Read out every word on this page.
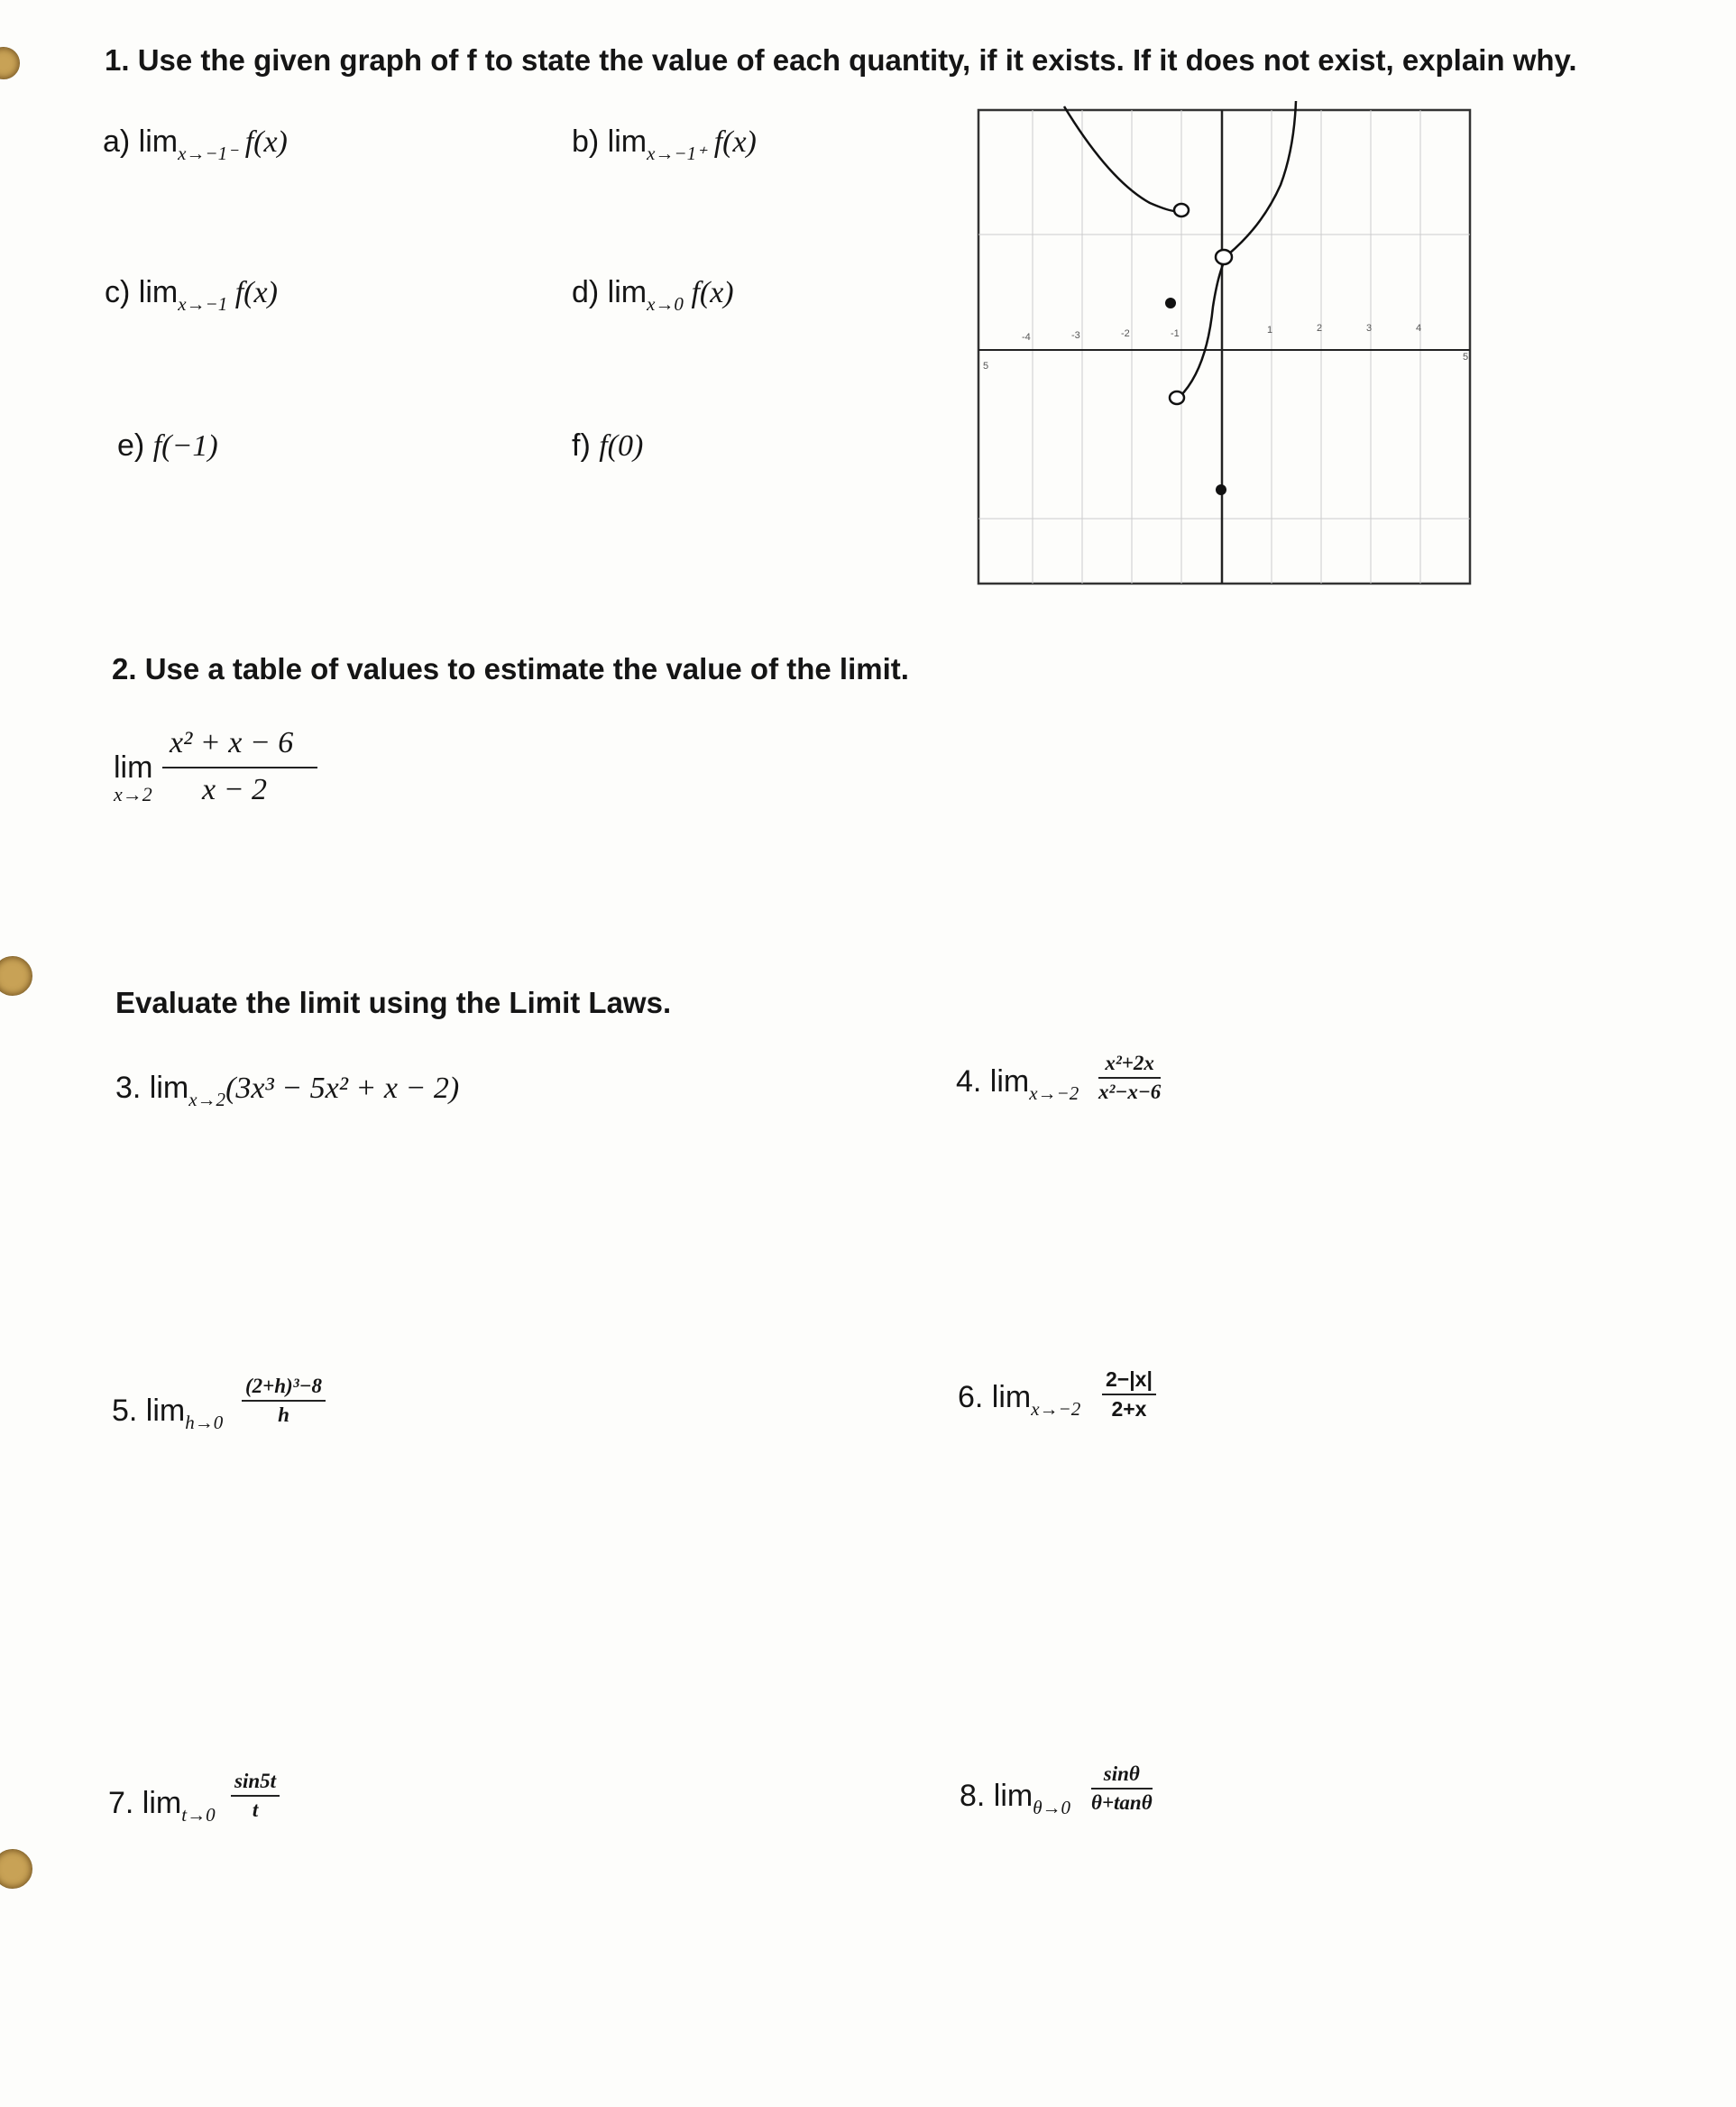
1. Use the given graph of f to state the value of each quantity, if it exists. If it does not exist, explain why.
a) $\lim_{x\to-1^-} f(x)$	b) $\lim_{x\to-1^+} f(x)$
c) $\lim_{x\to-1} f(x)$	d) $\lim_{x\to 0} f(x)$
e) f(−1)	f) f(0)
-4	-3	-2	-1	1	2	3	4
5
5
2. Use a table of values to estimate the value of the limit.
x² + x − 6
lim
x→2 x − 2
Evaluate the limit using the Limit Laws.
3. $\lim_{x\to 2}(3x^3 - 5x^2 + x - 2)$	4. $\lim_{x\to-2} \frac{\text{x²+2x}}{\text{x²−x−6}}$
5. $\lim_{h\to 0} \frac{\text{(2+h)³−8}}{h}$	6. $\lim_{x\to-2} \frac{2-|x|}{2+x}$
7. $\lim_{t\to 0} \frac{\sin 5t}{t}$	8. $\lim_{\theta\to 0} \frac{\sin\theta}{\theta+\tan\theta}$
